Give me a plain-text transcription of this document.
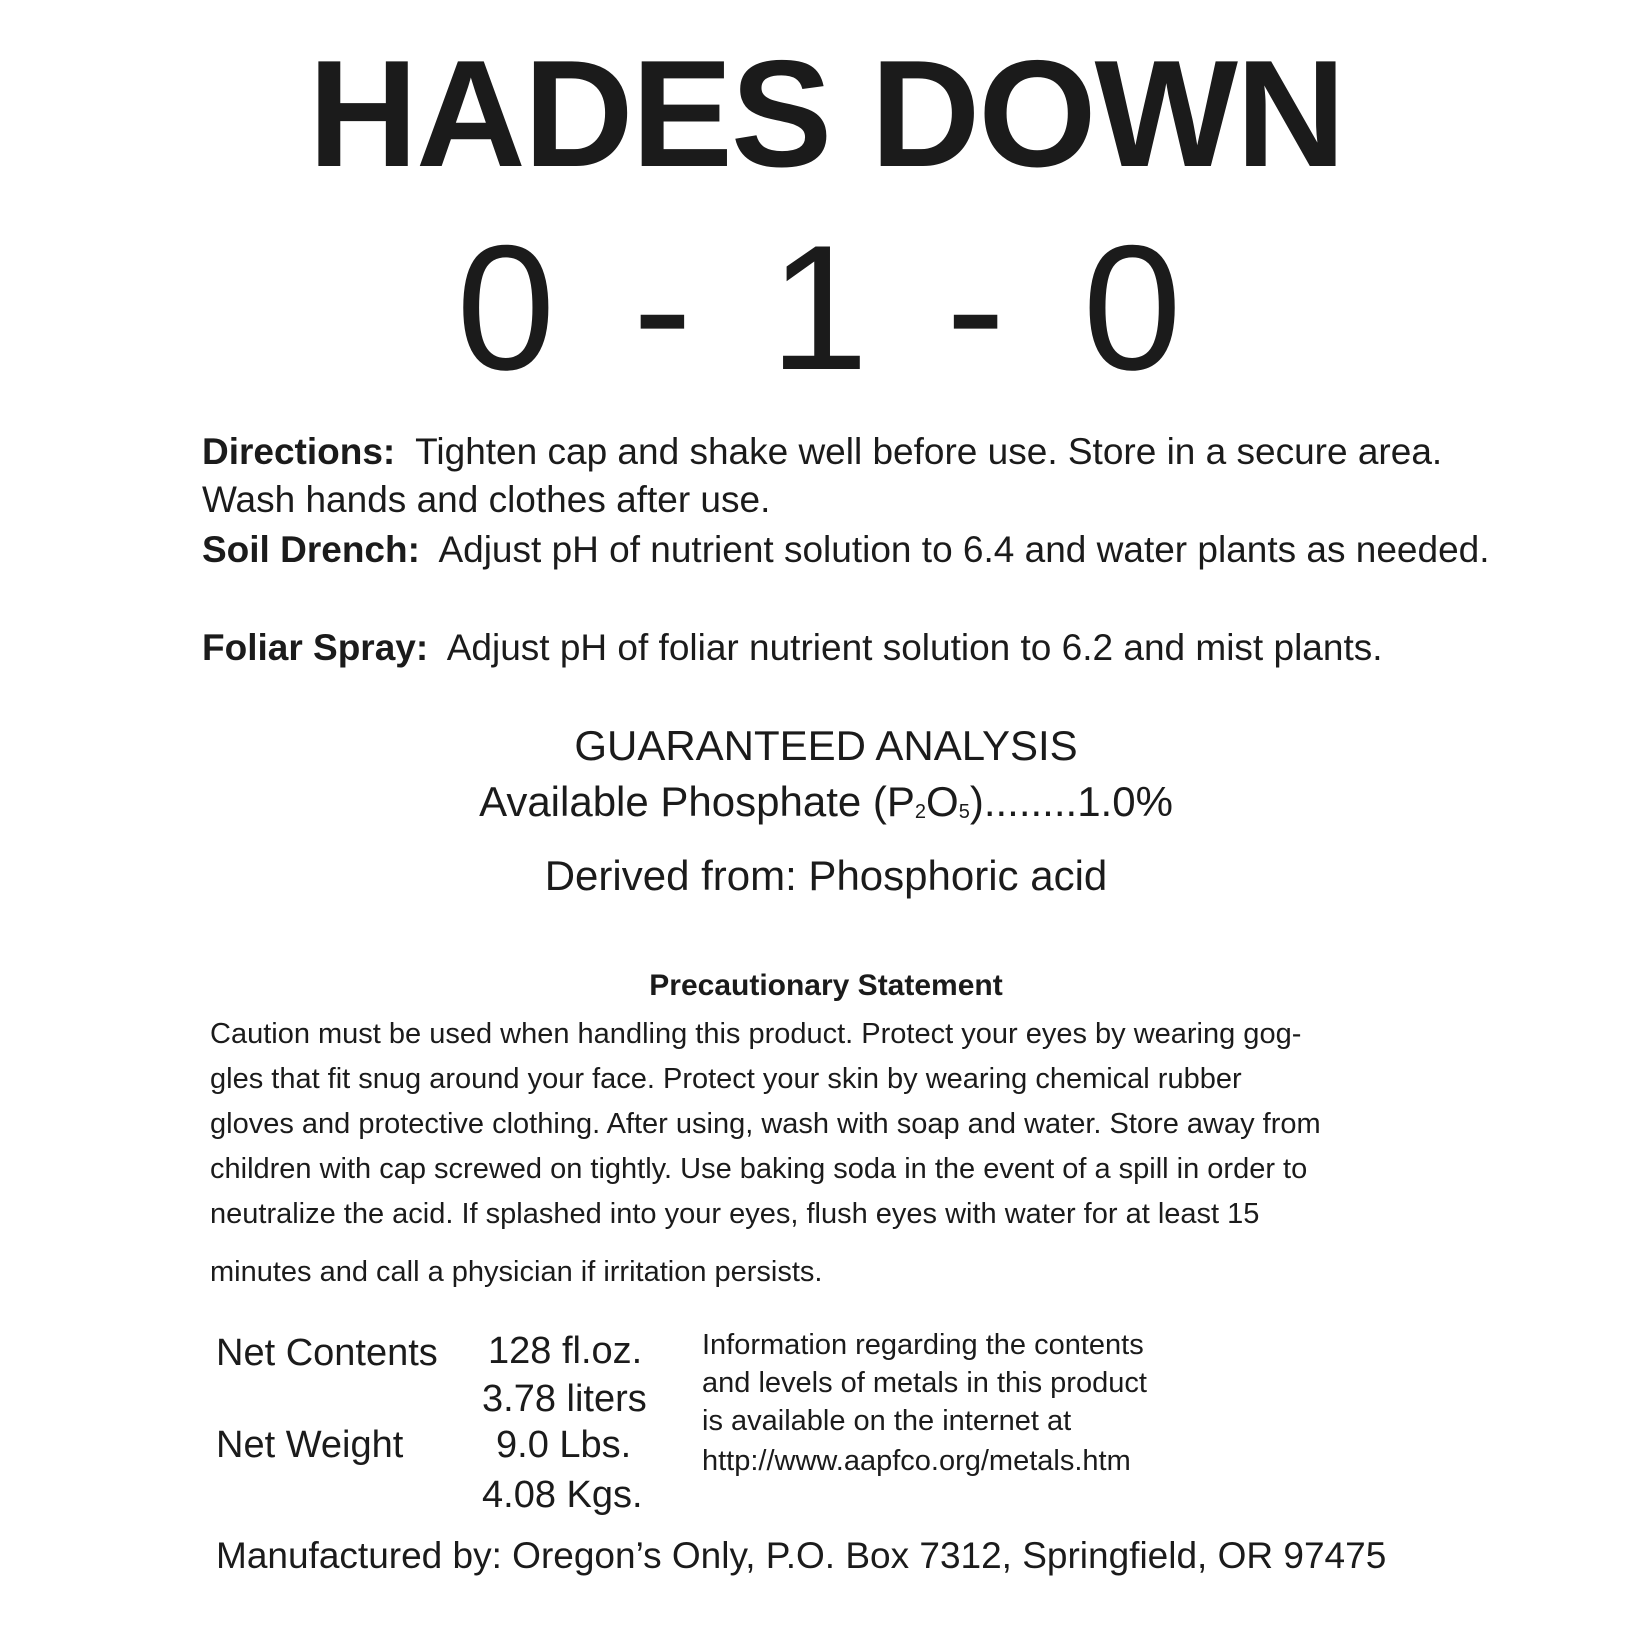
HADES DOWN
0 - 1 - 0
Directions: Tighten cap and shake well before use. Store in a secure area. Wash hands and clothes after use.
Soil Drench: Adjust pH of nutrient solution to 6.4 and water plants as needed.
Foliar Spray: Adjust pH of foliar nutrient solution to 6.2 and mist plants.
GUARANTEED ANALYSIS
Available Phosphate $(P_2O_5)........1.0\%$
Derived from: Phosphoric acid
Precautionary Statement
Caution must be used when handling this product. Protect your eyes by wearing gog-
gles that fit snug around your face. Protect your skin by wearing chemical rubber
gloves and protective clothing. After using, wash with soap and water. Store away from
children with cap screwed on tightly. Use baking soda in the event of a spill in order to
neutralize the acid. If splashed into your eyes, flush eyes with water for at least 15
minutes and call a physician if irritation persists.
Net Contents 128 fl.oz.
3.78 liters
Net Weight 9.0 Lbs.
4.08 Kgs.
Information regarding the contents
and levels of metals in this product
is available on the internet at
http://www.aapfco.org/metals.htm
Manufactured by: Oregon’s Only, P.O. Box 7312, Springfield, OR 97475
